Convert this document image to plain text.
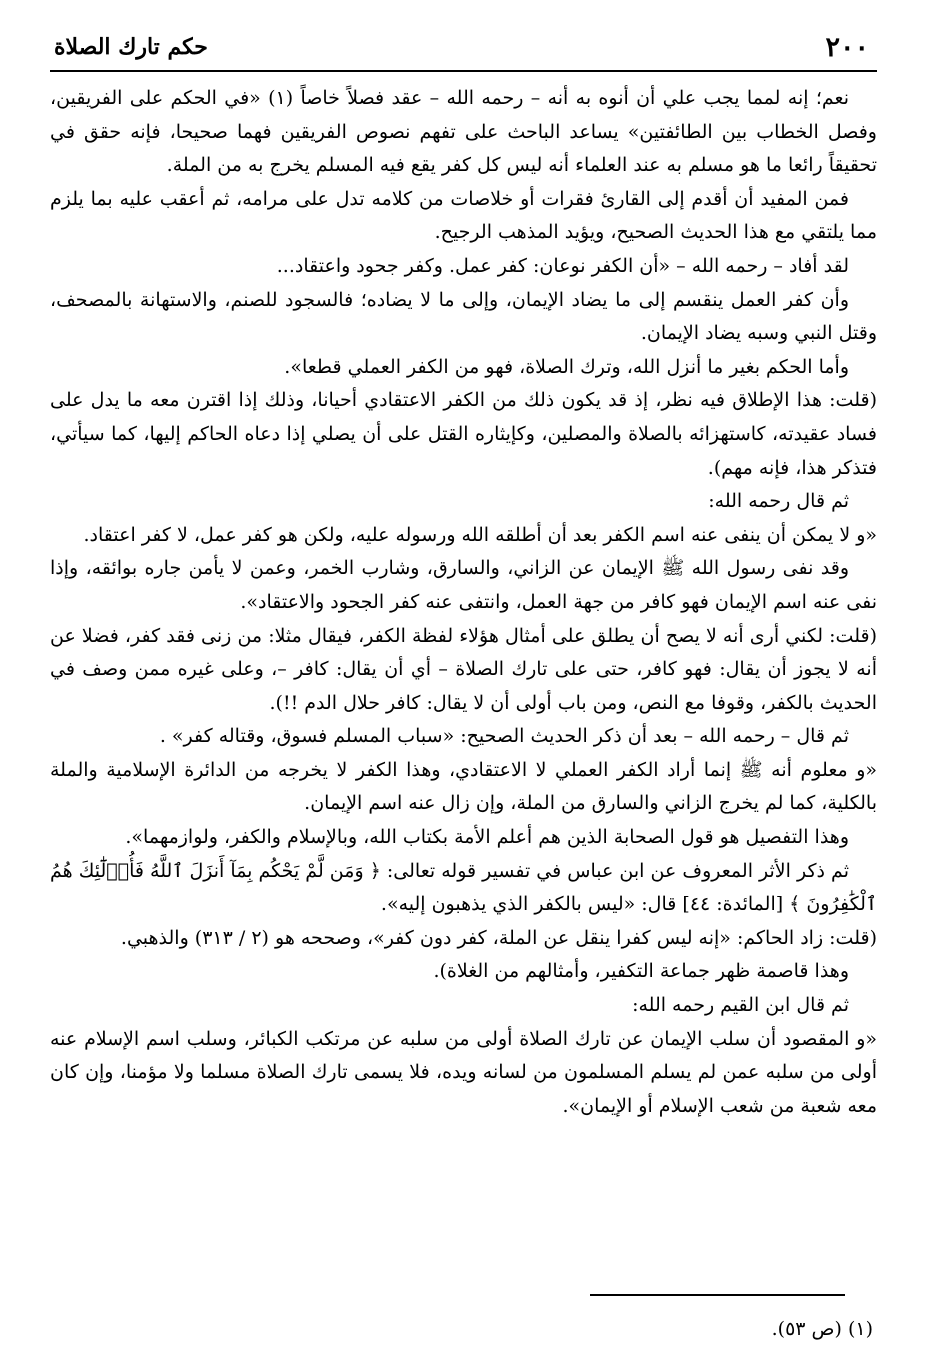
٢٠٠
حكم تارك الصلاة

نعم؛ إنه لمما يجب علي أن أنوه به أنه – رحمه الله – عقد فصلاً خاصاً (١) «في الحكم على الفريقين، وفصل الخطاب بين الطائفتين» يساعد الباحث على تفهم نصوص الفريقين فهما صحيحا، فإنه حقق في تحقيقاً رائعا ما هو مسلم به عند العلماء أنه ليس كل كفر يقع فيه المسلم يخرج به من الملة.

فمن المفيد أن أقدم إلى القارئ فقرات أو خلاصات من كلامه تدل على مرامه، ثم أعقب عليه بما يلزم مما يلتقي مع هذا الحديث الصحيح، ويؤيد المذهب الرجيح.

لقد أفاد – رحمه الله – «أن الكفر نوعان: كفر عمل. وكفر جحود واعتقاد...

وأن كفر العمل ينقسم إلى ما يضاد الإيمان، وإلى ما لا يضاده؛ فالسجود للصنم، والاستهانة بالمصحف، وقتل النبي وسبه يضاد الإيمان.

وأما الحكم بغير ما أنزل الله، وترك الصلاة، فهو من الكفر العملي قطعا».

(قلت: هذا الإطلاق فيه نظر، إذ قد يكون ذلك من الكفر الاعتقادي أحيانا، وذلك إذا اقترن معه ما يدل على فساد عقيدته، كاستهزائه بالصلاة والمصلين، وكإيثاره القتل على أن يصلي إذا دعاه الحاكم إليها، كما سيأتي، فتذكر هذا، فإنه مهم).

ثم قال رحمه الله:

«و لا يمكن أن ينفى عنه اسم الكفر بعد أن أطلقه الله ورسوله عليه، ولكن هو كفر عمل، لا كفر اعتقاد.

وقد نفى رسول الله ﷺ الإيمان عن الزاني، والسارق، وشارب الخمر، وعمن لا يأمن جاره بوائقه، وإذا نفى عنه اسم الإيمان فهو كافر من جهة العمل، وانتفى عنه كفر الجحود والاعتقاد».

(قلت: لكني أرى أنه لا يصح أن يطلق على أمثال هؤلاء لفظة الكفر، فيقال مثلا: من زنى فقد كفر، فضلا عن أنه لا يجوز أن يقال: فهو كافر، حتى على تارك الصلاة – أي أن يقال: كافر –، وعلى غيره ممن وصف في الحديث بالكفر، وقوفا مع النص، ومن باب أولى أن لا يقال: كافر حلال الدم !!).

ثم قال – رحمه الله – بعد أن ذكر الحديث الصحيح: «سباب المسلم فسوق، وقتاله كفر» .

«و معلوم أنه ﷺ إنما أراد الكفر العملي لا الاعتقادي، وهذا الكفر لا يخرجه من الدائرة الإسلامية والملة بالكلية، كما لم يخرج الزاني والسارق من الملة، وإن زال عنه اسم الإيمان.

وهذا التفصيل هو قول الصحابة الذين هم أعلم الأمة بكتاب الله، وبالإسلام والكفر، ولوازمهما».

ثم ذكر الأثر المعروف عن ابن عباس في تفسير قوله تعالى: ﴿ وَمَن لَّمْ يَحْكُم بِمَآ أَنزَلَ ٱللَّهُ فَأُو۟لَٰٓئِكَ هُمُ ٱلْكَٰفِرُونَ ﴾ [المائدة: ٤٤] قال: «ليس بالكفر الذي يذهبون إليه».

(قلت: زاد الحاكم: «إنه ليس كفرا ينقل عن الملة، كفر دون كفر»، وصححه هو (٢ / ٣١٣) والذهبي.

وهذا قاصمة ظهر جماعة التكفير، وأمثالهم من الغلاة).

ثم قال ابن القيم رحمه الله:

«و المقصود أن سلب الإيمان عن تارك الصلاة أولى من سلبه عن مرتكب الكبائر، وسلب اسم الإسلام عنه أولى من سلبه عمن لم يسلم المسلمون من لسانه ويده، فلا يسمى تارك الصلاة مسلما ولا مؤمنا، وإن كان معه شعبة من شعب الإسلام أو الإيمان».

(١) (ص ٥٣).
